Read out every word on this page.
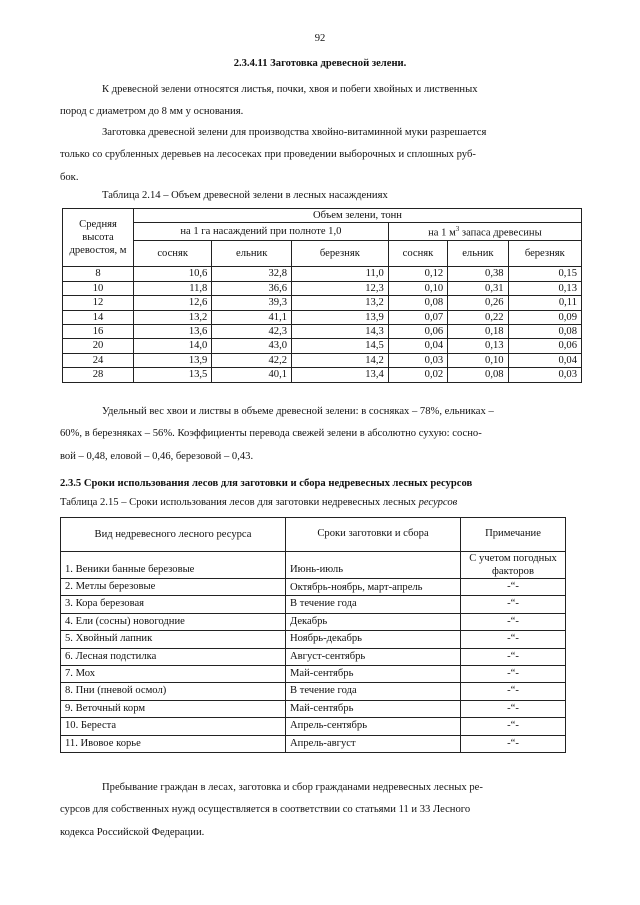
92
2.3.4.11 Заготовка древесной зелени.
К древесной зелени относятся листья, почки, хвоя и побеги хвойных и лиственных
пород с диаметром до 8 мм у основания.
Заготовка древесной зелени для производства хвойно-витаминной муки разрешается
только со срубленных деревьев на лесосеках при проведении выборочных и сплошных руб-
бок.
Таблица 2.14 – Объем древесной зелени в лесных насаждениях
Средняя высота древостоя, м	Объем зелени, тонн					
	на 1 га насаждений при полноте 1,0			на 1 $м^3$ запаса древесины		
	сосняк	ельник	березняк	сосняк	ельник	березняк
8	10,6	32,8	11,0	0,12	0,38	0,15
10	11,8	36,6	12,3	0,10	0,31	0,13
12	12,6	39,3	13,2	0,08	0,26	0,11
14	13,2	41,1	13,9	0,07	0,22	0,09
16	13,6	42,3	14,3	0,06	0,18	0,08
20	14,0	43,0	14,5	0,04	0,13	0,06
24	13,9	42,2	14,2	0,03	0,10	0,04
28	13,5	40,1	13,4	0,02	0,08	0,03
Удельный вес хвои и листвы в объеме древесной зелени: в сосняках – 78%, ельниках –
60%, в березняках – 56%. Коэффициенты перевода свежей зелени в абсолютно сухую: сосно-
вой – 0,48, еловой – 0,46, березовой – 0,43.
2.3.5 Сроки использования лесов для заготовки и сбора недревесных лесных ресурсов
Таблица 2.15 – Сроки использования лесов для заготовки недревесных лесных ресурсов
Вид недревесного лесного ресурса	Сроки заготовки и сбора	Примечание
1. Веники банные березовые	Июнь-июль	С учетом погодных факторов
2. Метлы березовые	Октябрь-ноябрь, март-апрель	-“-
3. Кора березовая	В течение года	-“-
4. Ели (сосны) новогодние	Декабрь	-“-
5. Хвойный лапник	Ноябрь-декабрь	-“-
6. Лесная подстилка	Август-сентябрь	-“-
7. Мох	Май-сентябрь	-“-
8. Пни (пневой осмол)	В течение года	-“-
9. Веточный корм	Май-сентябрь	-“-
10. Береста	Апрель-сентябрь	-“-
11. Ивовое корье	Апрель-август	-“-
Пребывание граждан в лесах, заготовка и сбор гражданами недревесных лесных ре-
сурсов для собственных нужд осуществляется в соответствии со статьями 11 и 33 Лесного
кодекса Российской Федерации.
